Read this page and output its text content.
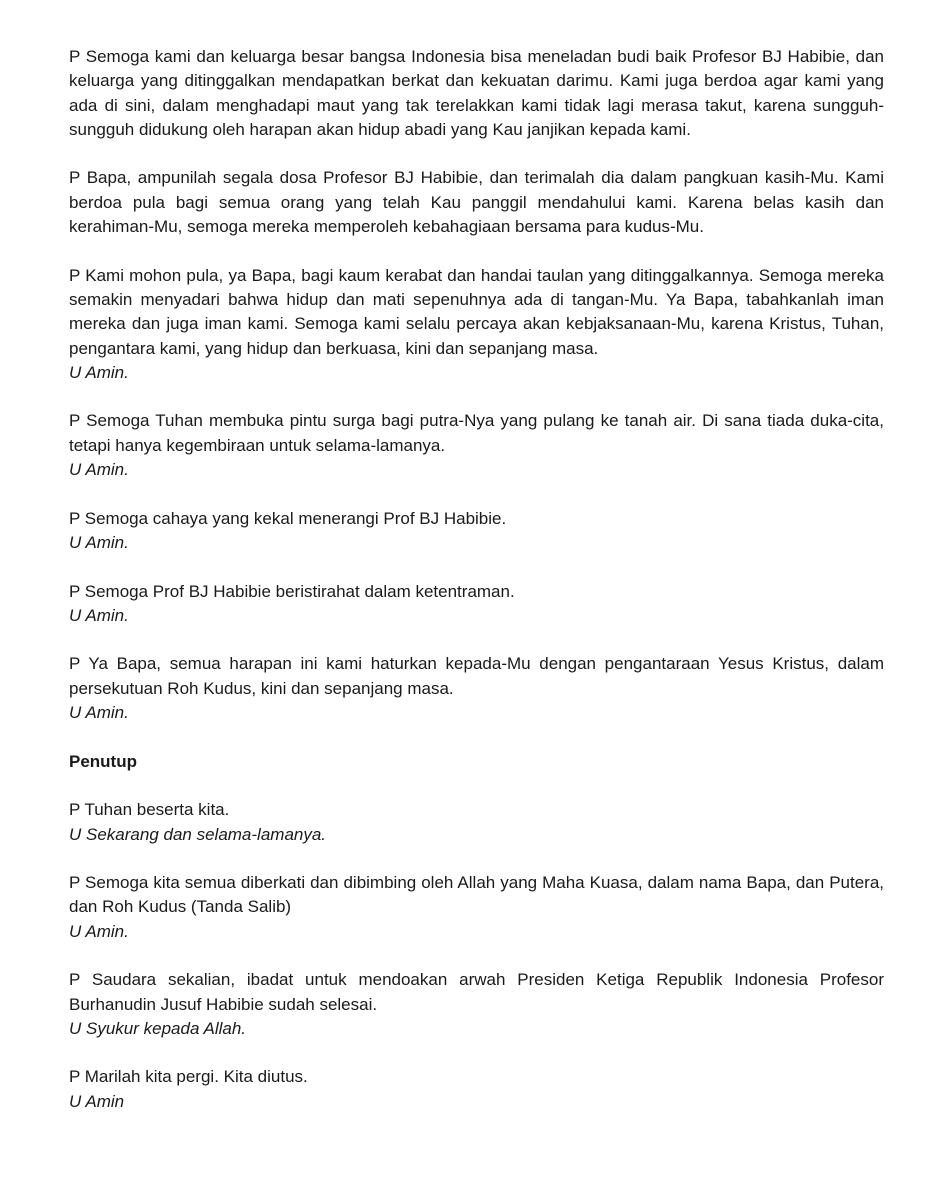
P Semoga kami dan keluarga besar bangsa Indonesia bisa meneladan budi baik Profesor BJ Habibie, dan keluarga yang ditinggalkan mendapatkan berkat dan kekuatan darimu. Kami juga berdoa agar kami yang ada di sini, dalam menghadapi maut yang tak terelakkan kami tidak lagi merasa takut, karena sungguh-sungguh didukung oleh harapan akan hidup abadi yang Kau janjikan kepada kami.
P Bapa, ampunilah segala dosa Profesor BJ Habibie, dan terimalah dia dalam pangkuan kasih-Mu. Kami berdoa pula bagi semua orang yang telah Kau panggil mendahului kami. Karena belas kasih dan kerahiman-Mu, semoga mereka memperoleh kebahagiaan bersama para kudus-Mu.
P Kami mohon pula, ya Bapa, bagi kaum kerabat dan handai taulan yang ditinggalkannya. Semoga mereka semakin menyadari bahwa hidup dan mati sepenuhnya ada di tangan-Mu. Ya Bapa, tabahkanlah iman mereka dan juga iman kami. Semoga kami selalu percaya akan kebjaksanaan-Mu, karena Kristus, Tuhan, pengantara kami, yang hidup dan berkuasa, kini dan sepanjang masa.
U Amin.
P Semoga Tuhan membuka pintu surga bagi putra-Nya yang pulang ke tanah air. Di sana tiada duka-cita, tetapi hanya kegembiraan untuk selama-lamanya.
U Amin.
P Semoga cahaya yang kekal menerangi Prof BJ Habibie.
U Amin.
P Semoga Prof BJ Habibie beristirahat dalam ketentraman.
U Amin.
P Ya Bapa, semua harapan ini kami haturkan kepada-Mu dengan pengantaraan Yesus Kristus, dalam persekutuan Roh Kudus, kini dan sepanjang masa.
U Amin.
Penutup
P Tuhan beserta kita.
U Sekarang dan selama-lamanya.
P Semoga kita semua diberkati dan dibimbing oleh Allah yang Maha Kuasa, dalam nama Bapa, dan Putera, dan Roh Kudus (Tanda Salib)
U Amin.
P Saudara sekalian, ibadat untuk mendoakan arwah Presiden Ketiga Republik Indonesia Profesor Burhanudin Jusuf Habibie sudah selesai.
U Syukur kepada Allah.
P Marilah kita pergi. Kita diutus.
U Amin
